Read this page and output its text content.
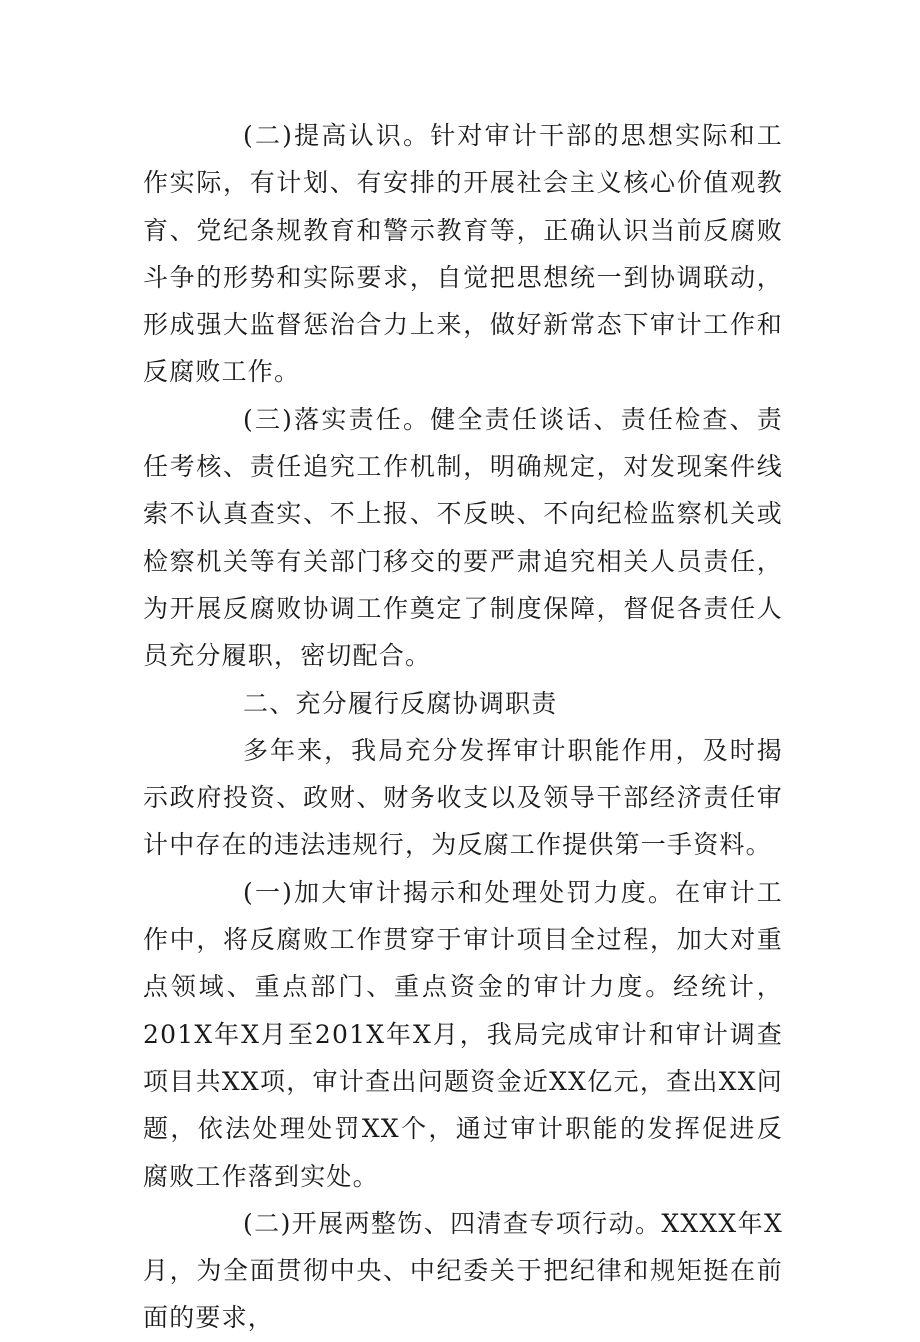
(二)提高认识。针对审计干部的思想实际和工作实际，有计划、有安排的开展社会主义核心价值观教育、党纪条规教育和警示教育等，正确认识当前反腐败斗争的形势和实际要求，自觉把思想统一到协调联动，形成强大监督惩治合力上来，做好新常态下审计工作和反腐败工作。

(三)落实责任。健全责任谈话、责任检查、责任考核、责任追究工作机制，明确规定，对发现案件线索不认真查实、不上报、不反映、不向纪检监察机关或检察机关等有关部门移交的要严肃追究相关人员责任，为开展反腐败协调工作奠定了制度保障，督促各责任人员充分履职，密切配合。

二、充分履行反腐协调职责

多年来，我局充分发挥审计职能作用，及时揭示政府投资、政财、财务收支以及领导干部经济责任审计中存在的违法违规行，为反腐工作提供第一手资料。

(一)加大审计揭示和处理处罚力度。在审计工作中，将反腐败工作贯穿于审计项目全过程，加大对重点领域、重点部门、重点资金的审计力度。经统计，201X年X月至201X年X月，我局完成审计和审计调查项目共XX项，审计查出问题资金近XX亿元，查出XX问题，依法处理处罚XX个，通过审计职能的发挥促进反腐败工作落到实处。

(二)开展两整饬、四清查专项行动。XXXX年X月，为全面贯彻中央、中纪委关于把纪律和规矩挺在前面的要求，
